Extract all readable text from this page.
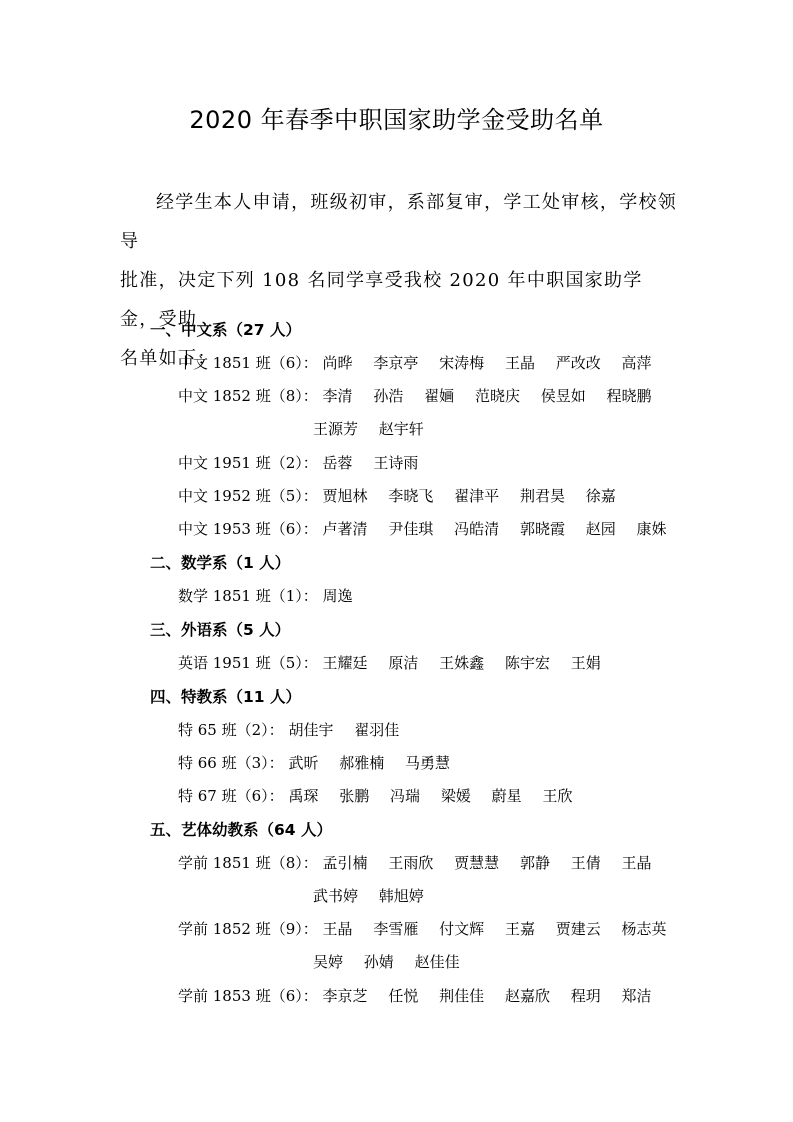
2020 年春季中职国家助学金受助名单

经学生本人申请，班级初审，系部复审，学工处审核，学校领导

批准，决定下列 108 名同学享受我校 2020 年中职国家助学金，受助

名单如下：

一、中文系（27 人）
中文 1851 班（6）： 尚晔 李京亭 宋涛梅 王晶 严改改 高萍
中文 1852 班（8）： 李清 孙浩 翟婳 范晓庆 侯昱如 程晓鹏
王源芳 赵宇轩
中文 1951 班（2）： 岳蓉 王诗雨
中文 1952 班（5）： 贾旭林 李晓飞 翟津平 荆君昊 徐嘉
中文 1953 班（6）： 卢著清 尹佳琪 冯皓清 郭晓霞 赵园 康姝
二、数学系（1 人）
数学 1851 班（1）： 周逸
三、外语系（5 人）
英语 1951 班（5）： 王耀廷 原洁 王姝鑫 陈宇宏 王娟
四、特教系（11 人）
特 65 班（2）： 胡佳宇 翟羽佳
特 66 班（3）： 武昕 郝雅楠 马勇慧
特 67 班（6）： 禹琛 张鹏 冯瑞 梁媛 蔚星 王欣
五、艺体幼教系（64 人）
学前 1851 班（8）： 孟引楠 王雨欣 贾慧慧 郭静 王倩 王晶
武书婷 韩旭婷
学前 1852 班（9）： 王晶 李雪雁 付文辉 王嘉 贾建云 杨志英
吴婷 孙婧 赵佳佳
学前 1853 班（6）： 李京芝 任悦 荆佳佳 赵嘉欣 程玥 郑洁
